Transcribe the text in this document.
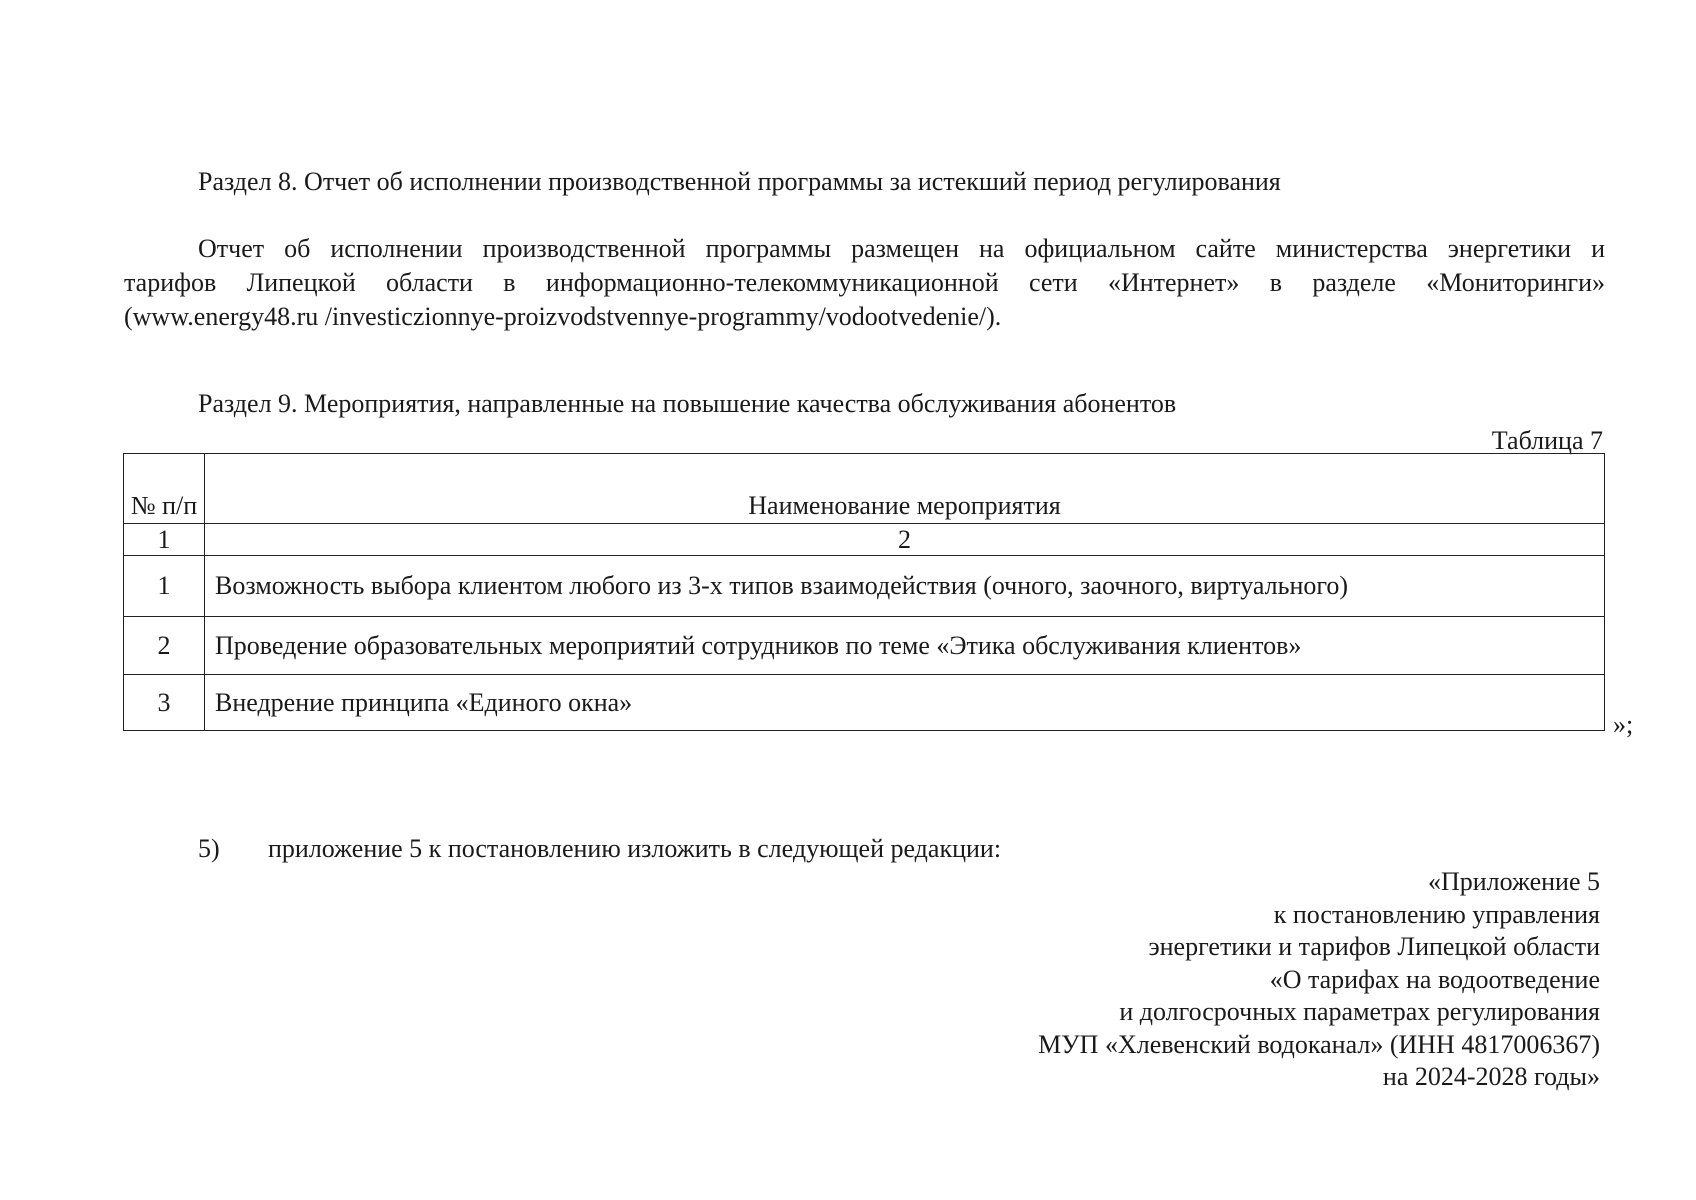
Раздел 8. Отчет об исполнении производственной программы за истекший период регулирования
Отчет об исполнении производственной программы размещен на официальном сайте министерства энергетики и
тарифов Липецкой области в информационно-телекоммуникационной сети «Интернет» в разделе «Мониторинги»
(www.energy48.ru /investiczionnye-proizvodstvennye-programmy/vodootvedenie/).
Раздел 9. Мероприятия, направленные на повышение качества обслуживания абонентов
Таблица 7
№ п/п	Наименование мероприятия
1	2
1	Возможность выбора клиентом любого из 3-х типов взаимодействия (очного, заочного, виртуального)
2	Проведение образовательных мероприятий сотрудников по теме «Этика обслуживания клиентов»
3	Внедрение принципа «Единого окна»
»;
5) приложение 5 к постановлению изложить в следующей редакции:
«Приложение 5
к постановлению управления
энергетики и тарифов Липецкой области
«О тарифах на водоотведение
и долгосрочных параметрах регулирования
МУП «Хлевенский водоканал» (ИНН 4817006367)
на 2024-2028 годы»
